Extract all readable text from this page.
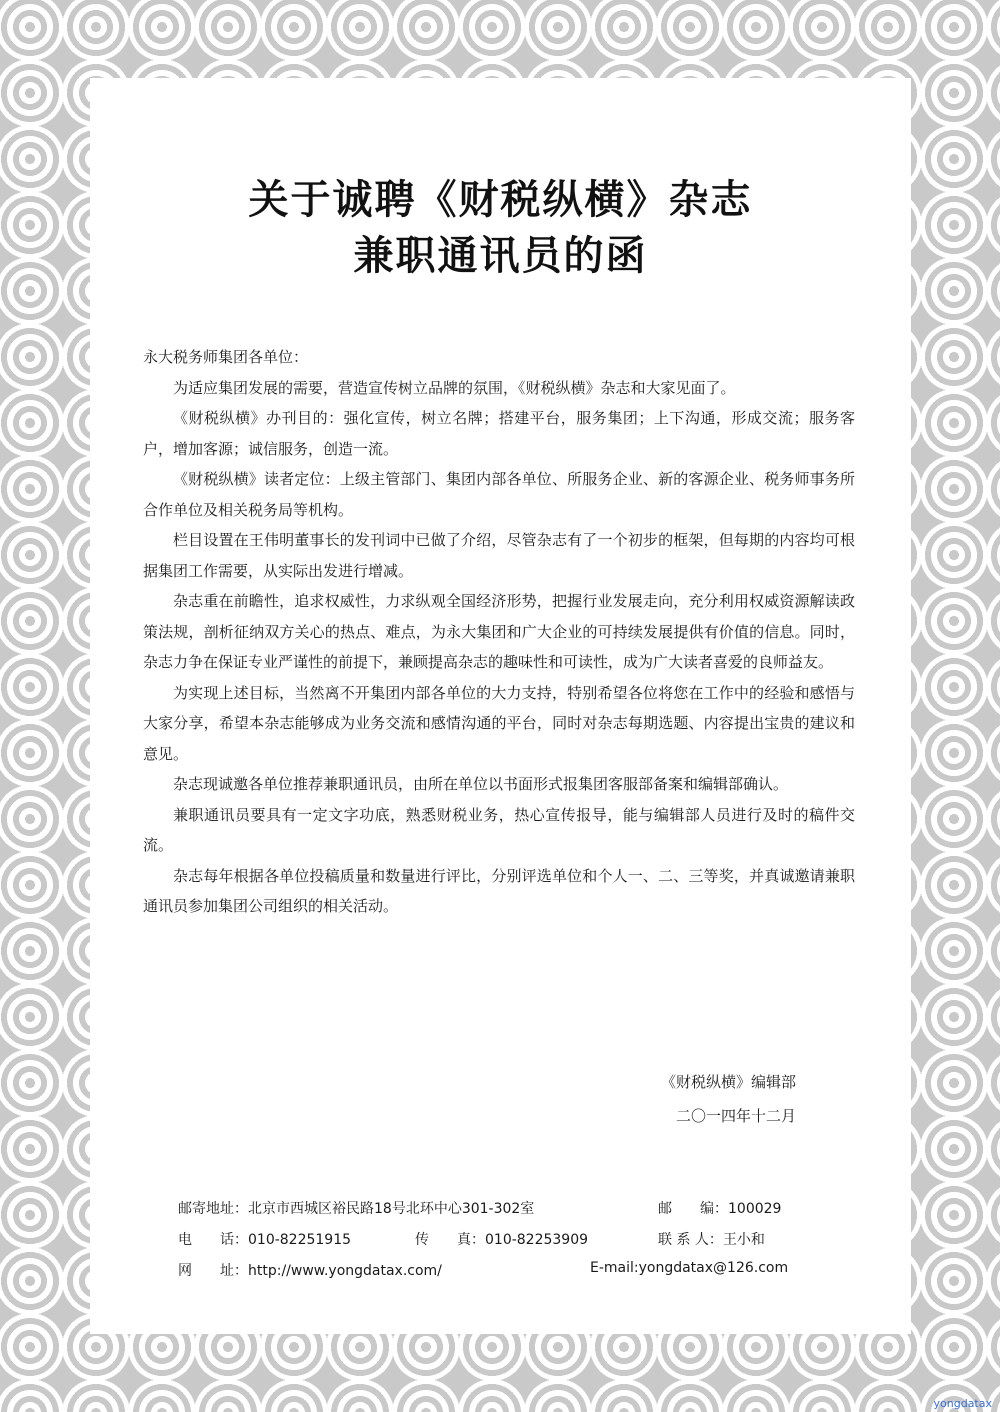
关于诚聘《财税纵横》杂志
兼职通讯员的函

永大税务师集团各单位：

为适应集团发展的需要，营造宣传树立品牌的氛围，《财税纵横》杂志和大家见面了。

《财税纵横》办刊目的：强化宣传，树立名牌；搭建平台，服务集团；上下沟通，形成交流；服务客户，增加客源；诚信服务，创造一流。

《财税纵横》读者定位：上级主管部门、集团内部各单位、所服务企业、新的客源企业、税务师事务所合作单位及相关税务局等机构。

栏目设置在王伟明董事长的发刊词中已做了介绍，尽管杂志有了一个初步的框架，但每期的内容均可根据集团工作需要，从实际出发进行增减。

杂志重在前瞻性，追求权威性，力求纵观全国经济形势，把握行业发展走向，充分利用权威资源解读政策法规，剖析征纳双方关心的热点、难点，为永大集团和广大企业的可持续发展提供有价值的信息。同时，杂志力争在保证专业严谨性的前提下，兼顾提高杂志的趣味性和可读性，成为广大读者喜爱的良师益友。

为实现上述目标，当然离不开集团内部各单位的大力支持，特别希望各位将您在工作中的经验和感悟与大家分享，希望本杂志能够成为业务交流和感情沟通的平台，同时对杂志每期选题、内容提出宝贵的建议和意见。

杂志现诚邀各单位推荐兼职通讯员，由所在单位以书面形式报集团客服部备案和编辑部确认。

兼职通讯员要具有一定文字功底，熟悉财税业务，热心宣传报导，能与编辑部人员进行及时的稿件交流。

杂志每年根据各单位投稿质量和数量进行评比，分别评选单位和个人一、二、三等奖，并真诚邀请兼职通讯员参加集团公司组织的相关活动。

《财税纵横》编辑部
二〇一四年十二月
邮寄地址：北京市西城区裕民路18号北环中心301-302室	邮　　编：100029
电　　话：010-82251915	传　　真：010-82253909	联 系 人：王小和
网　　址：http://www.yongdatax.com/	E-mail:yongdatax@126.com
yongdatax
